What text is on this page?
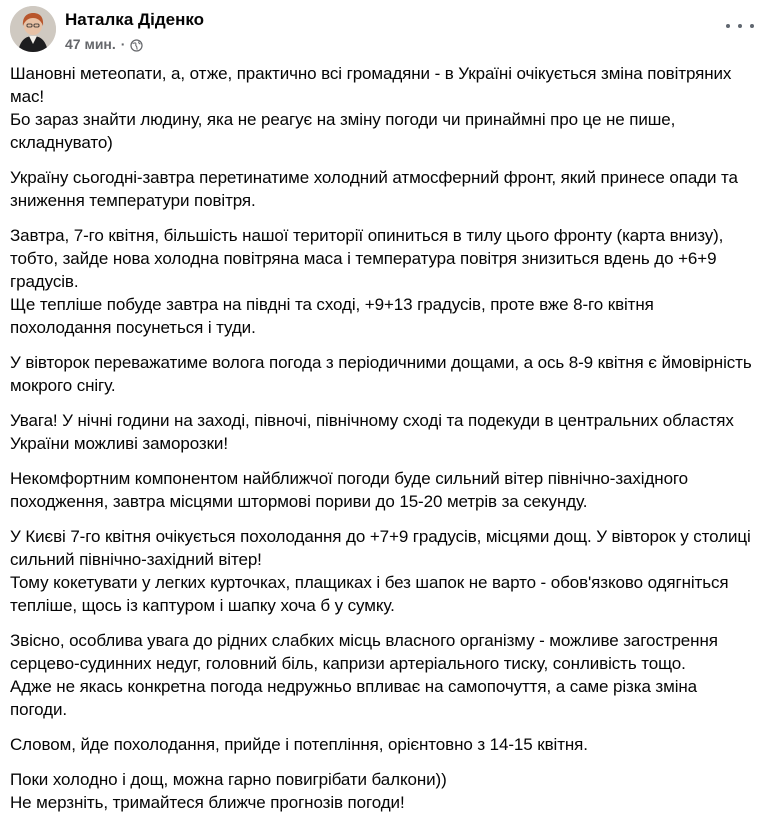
Наталка Діденко
47 мин. ·

Шановні метеопати, а, отже, практично всі громадяни - в Україні очікується зміна повітряних мас!
Бо зараз знайти людину, яка не реагує на зміну погоди чи принаймні про це не пише, складнувато)

Україну сьогодні-завтра перетинатиме холодний атмосферний фронт, який принесе опади та зниження температури повітря.

Завтра, 7-го квітня, більшість нашої території опиниться в тилу цього фронту (карта внизу), тобто, зайде нова холодна повітряна маса і температура повітря знизиться вдень до +6+9 градусів.
Ще тепліше побуде завтра на півдні та сході, +9+13 градусів, проте вже 8-го квітня похолодання посунеться і туди.

У вівторок переважатиме волога погода з періодичними дощами, а ось 8-9 квітня є ймовірність мокрого снігу.

Увага! У нічні години на заході, півночі, північному сході та подекуди в центральних областях України можливі заморозки!

Некомфортним компонентом найближчої погоди буде сильний вітер північно-західного походження, завтра місцями штормові пориви до 15-20 метрів за секунду.

У Києві 7-го квітня очікується похолодання до +7+9 градусів, місцями дощ. У вівторок у столиці сильний північно-західний вітер!
Тому кокетувати у легких курточках, плащиках і без шапок не варто - обов'язково одягніться тепліше, щось із каптуром і шапку хоча б у сумку.

Звісно, особлива увага до рідних слабких місць власного організму - можливе загострення серцево-судинних недуг, головний біль, капризи артеріального тиску, сонливість тощо.
Адже не якась конкретна погода недружньо впливає на самопочуття, а саме різка зміна погоди.

Словом, йде похолодання, прийде і потепління, орієнтовно з 14-15 квітня.

Поки холодно і дощ, можна гарно повигрібати балкони))
Не мерзніть, тримайтеся ближче прогнозів погоди!
